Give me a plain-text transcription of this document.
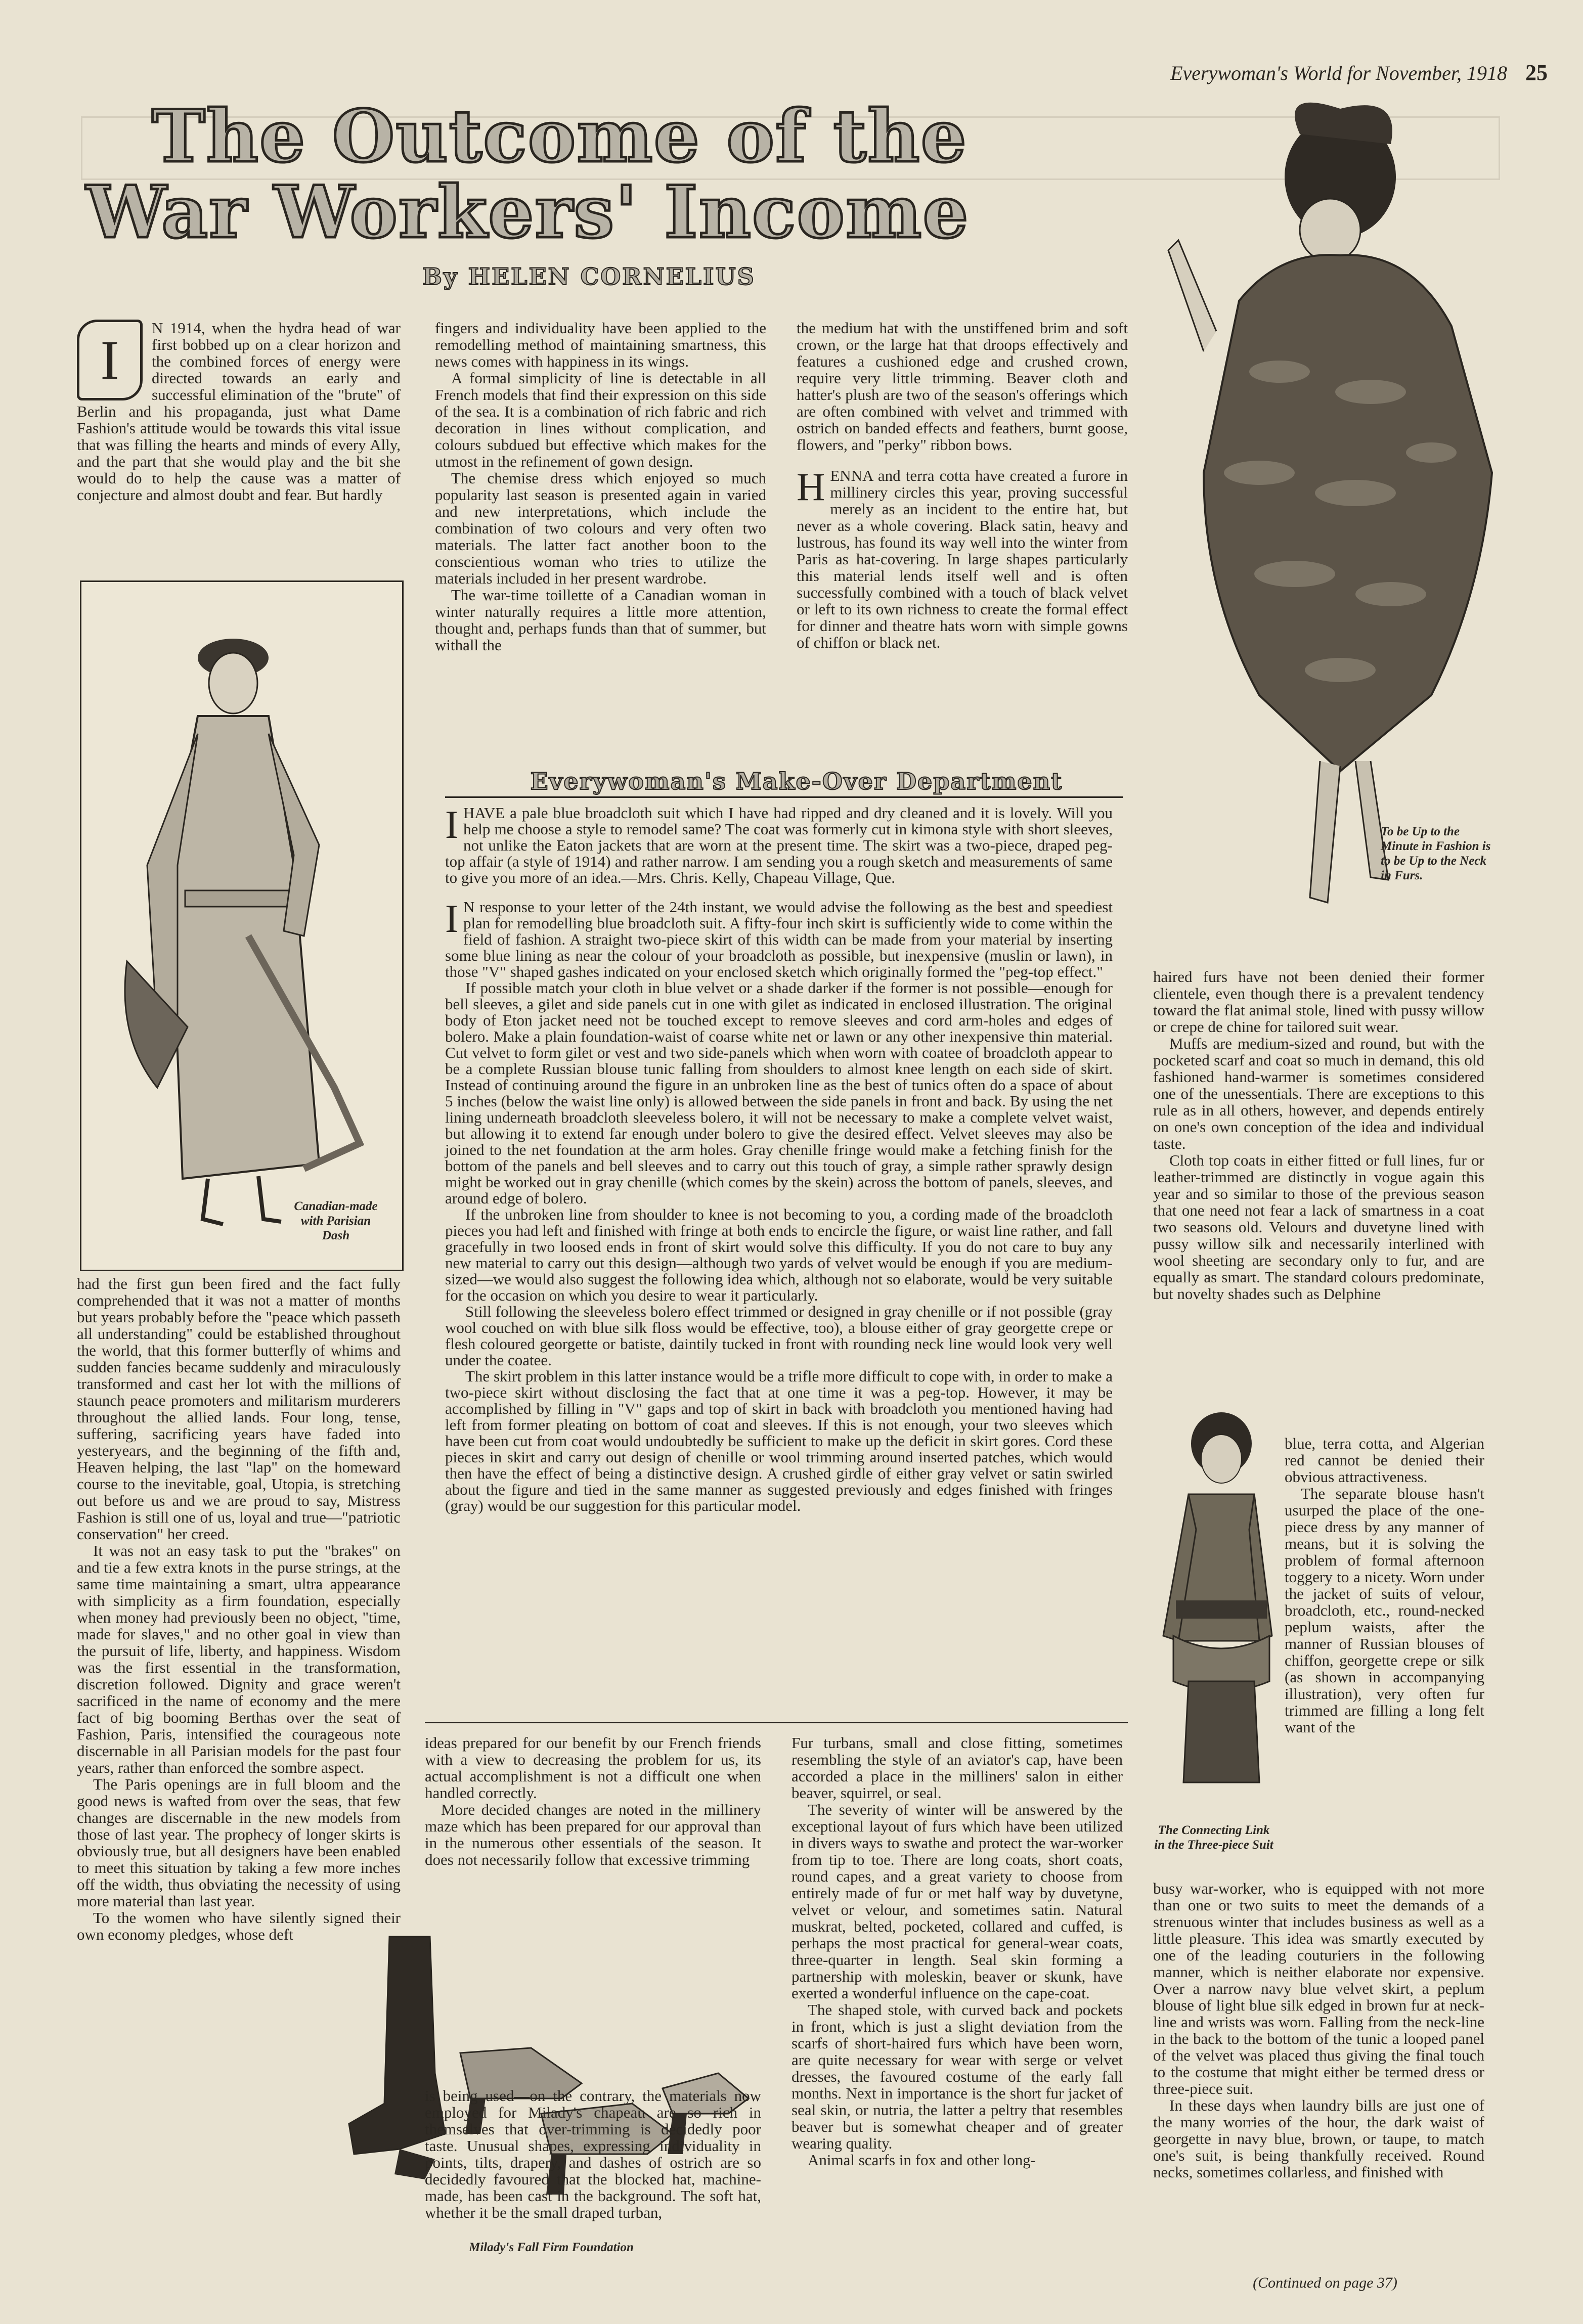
Everywoman's World for November, 1918 25
The Outcome of the
War Workers' Income
By HELEN CORNELIUS

I
N 1914, when the hydra head of war first bobbed up on a clear horizon and the combined forces of energy were directed towards an early and successful elimination of the "brute" of Berlin and his propaganda, just what Dame Fashion's attitude would be towards this vital issue that was filling the hearts and minds of every Ally, and the part that she would play and the bit she would do to help the cause was a matter of conjecture and almost doubt and fear. But hardly

Canadian-made with Parisian Dash

had the first gun been fired and the fact fully comprehended that it was not a matter of months but years probably before the "peace which passeth all understanding" could be established throughout the world, that this former butterfly of whims and sudden fancies became suddenly and miraculously transformed and cast her lot with the millions of staunch peace promoters and militarism murderers throughout the allied lands. Four long, tense, suffering, sacrificing years have faded into yesteryears, and the beginning of the fifth and, Heaven helping, the last "lap" on the homeward course to the inevitable, goal, Utopia, is stretching out before us and we are proud to say, Mistress Fashion is still one of us, loyal and true—"patriotic conservation" her creed.

It was not an easy task to put the "brakes" on and tie a few extra knots in the purse strings, at the same time maintaining a smart, ultra appearance with simplicity as a firm foundation, especially when money had previously been no object, "time, made for slaves," and no other goal in view than the pursuit of life, liberty, and happiness. Wisdom was the first essential in the transformation, discretion followed. Dignity and grace weren't sacrificed in the name of economy and the mere fact of big booming Berthas over the seat of Fashion, Paris, intensified the courageous note discernable in all Parisian models for the past four years, rather than enforced the sombre aspect.

The Paris openings are in full bloom and the good news is wafted from over the seas, that few changes are discernable in the new models from those of last year. The prophecy of longer skirts is obviously true, but all designers have been enabled to meet this situation by taking a few more inches off the width, thus obviating the necessity of using more material than last year.

To the women who have silently signed their own economy pledges, whose deft

fingers and individuality have been applied to the remodelling method of maintaining smartness, this news comes with happiness in its wings.

A formal simplicity of line is detectable in all French models that find their expression on this side of the sea. It is a combination of rich fabric and rich decoration in lines without complication, and colours subdued but effective which makes for the utmost in the refinement of gown design.

The chemise dress which enjoyed so much popularity last season is presented again in varied and new interpretations, which include the combination of two colours and very often two materials. The latter fact another boon to the conscientious woman who tries to utilize the materials included in her present wardrobe.

The war-time toillette of a Canadian woman in winter naturally requires a little more attention, thought and, perhaps funds than that of summer, but withall the

the medium hat with the unstiffened brim and soft crown, or the large hat that droops effectively and features a cushioned edge and crushed crown, require very little trimming. Beaver cloth and hatter's plush are two of the season's offerings which are often combined with velvet and trimmed with ostrich on banded effects and feathers, burnt goose, flowers, and "perky" ribbon bows.

HENNA and terra cotta have created a furore in millinery circles this year, proving successful merely as an incident to the entire hat, but never as a whole covering. Black satin, heavy and lustrous, has found its way well into the winter from Paris as hat-covering. In large shapes particularly this material lends itself well and is often successfully combined with a touch of black velvet or left to its own richness to create the formal effect for dinner and theatre hats worn with simple gowns of chiffon or black net.

To be Up to the Minute in Fashion is to be Up to the Neck in Furs.
Everywoman's Make-Over Department

IHAVE a pale blue broadcloth suit which I have had ripped and dry cleaned and it is lovely. Will you help me choose a style to remodel same? The coat was formerly cut in kimona style with short sleeves, not unlike the Eaton jackets that are worn at the present time. The skirt was a two-piece, draped peg-top affair (a style of 1914) and rather narrow. I am sending you a rough sketch and measurements of same to give you more of an idea.—Mrs. Chris. Kelly, Chapeau Village, Que.

I N response to your letter of the 24th instant, we would advise the following as the best and speediest plan for remodelling blue broadcloth suit. A fifty-four inch skirt is sufficiently wide to come within the field of fashion. A straight two-piece skirt of this width can be made from your material by inserting some blue lining as near the colour of your broadcloth as possible, but inexpensive (muslin or lawn), in those "V" shaped gashes indicated on your enclosed sketch which originally formed the "peg-top effect."

If possible match your cloth in blue velvet or a shade darker if the former is not possible—enough for bell sleeves, a gilet and side panels cut in one with gilet as indicated in enclosed illustration. The original body of Eton jacket need not be touched except to remove sleeves and cord arm-holes and edges of bolero. Make a plain foundation-waist of coarse white net or lawn or any other inexpensive thin material. Cut velvet to form gilet or vest and two side-panels which when worn with coatee of broadcloth appear to be a complete Russian blouse tunic falling from shoulders to almost knee length on each side of skirt. Instead of continuing around the figure in an unbroken line as the best of tunics often do a space of about 5 inches (below the waist line only) is allowed between the side panels in front and back. By using the net lining underneath broadcloth sleeveless bolero, it will not be necessary to make a complete velvet waist, but allowing it to extend far enough under bolero to give the desired effect. Velvet sleeves may also be joined to the net foundation at the arm holes. Gray chenille fringe would make a fetching finish for the bottom of the panels and bell sleeves and to carry out this touch of gray, a simple rather sprawly design might be worked out in gray chenille (which comes by the skein) across the bottom of panels, sleeves, and around edge of bolero.

If the unbroken line from shoulder to knee is not becoming to you, a cording made of the broadcloth pieces you had left and finished with fringe at both ends to encircle the figure, or waist line rather, and fall gracefully in two loosed ends in front of skirt would solve this difficulty. If you do not care to buy any new material to carry out this design—although two yards of velvet would be enough if you are medium-sized—we would also suggest the following idea which, although not so elaborate, would be very suitable for the occasion on which you desire to wear it particularly.

Still following the sleeveless bolero effect trimmed or designed in gray chenille or if not possible (gray wool couched on with blue silk floss would be effective, too), a blouse either of gray georgette crepe or flesh coloured georgette or batiste, daintily tucked in front with rounding neck line would look very well under the coatee.

The skirt problem in this latter instance would be a trifle more difficult to cope with, in order to make a two-piece skirt without disclosing the fact that at one time it was a peg-top. However, it may be accomplished by filling in "V" gaps and top of skirt in back with broadcloth you mentioned having had left from former pleating on bottom of coat and sleeves. If this is not enough, your two sleeves which have been cut from coat would undoubtedly be sufficient to make up the deficit in skirt gores. Cord these pieces in skirt and carry out design of chenille or wool trimming around inserted patches, which would then have the effect of being a distinctive design. A crushed girdle of either gray velvet or satin swirled about the figure and tied in the same manner as suggested previously and edges finished with fringes (gray) would be our suggestion for this particular model.

ideas prepared for our benefit by our French friends with a view to decreasing the problem for us, its actual accomplishment is not a difficult one when handled correctly.

More decided changes are noted in the millinery maze which has been prepared for our approval than in the numerous other essentials of the season. It does not necessarily follow that excessive trimming

Milady's Fall Firm Foundation

is being used—on the contrary, the materials now employed for Milady's chapeau are so rich in themselves that over-trimming is decidedly poor taste. Unusual shapes, expressing individuality in points, tilts, drapery, and dashes of ostrich are so decidedly favoured that the blocked hat, machine-made, has been cast in the background. The soft hat, whether it be the small draped turban,

Fur turbans, small and close fitting, sometimes resembling the style of an aviator's cap, have been accorded a place in the milliners' salon in either beaver, squirrel, or seal.

The severity of winter will be answered by the exceptional layout of furs which have been utilized in divers ways to swathe and protect the war-worker from tip to toe. There are long coats, short coats, round capes, and a great variety to choose from entirely made of fur or met half way by duvetyne, velvet or velour, and sometimes satin. Natural muskrat, belted, pocketed, collared and cuffed, is perhaps the most practical for general-wear coats, three-quarter in length. Seal skin forming a partnership with moleskin, beaver or skunk, have exerted a wonderful influence on the cape-coat.

The shaped stole, with curved back and pockets in front, which is just a slight deviation from the scarfs of short-haired furs which have been worn, are quite necessary for wear with serge or velvet dresses, the favoured costume of the early fall months. Next in importance is the short fur jacket of seal skin, or nutria, the latter a peltry that resembles beaver but is somewhat cheaper and of greater wearing quality.

Animal scarfs in fox and other long-

haired furs have not been denied their former clientele, even though there is a prevalent tendency toward the flat animal stole, lined with pussy willow or crepe de chine for tailored suit wear.

Muffs are medium-sized and round, but with the pocketed scarf and coat so much in demand, this old fashioned hand-warmer is sometimes considered one of the unessentials. There are exceptions to this rule as in all others, however, and depends entirely on one's own conception of the idea and individual taste.

Cloth top coats in either fitted or full lines, fur or leather-trimmed are distinctly in vogue again this year and so similar to those of the previous season that one need not fear a lack of smartness in a coat two seasons old. Velours and duvetyne lined with pussy willow silk and necessarily interlined with wool sheeting are secondary only to fur, and are equally as smart. The standard colours predominate, but novelty shades such as Delphine

The Connecting Link in the Three-piece Suit

blue, terra cotta, and Algerian red cannot be denied their obvious attractiveness.

The separate blouse hasn't usurped the place of the one-piece dress by any manner of means, but it is solving the problem of formal afternoon toggery to a nicety. Worn under the jacket of suits of velour, broadcloth, etc., round-necked peplum waists, after the manner of Russian blouses of chiffon, georgette crepe or silk (as shown in accompanying illustration), very often fur trimmed are filling a long felt want of the

busy war-worker, who is equipped with not more than one or two suits to meet the demands of a strenuous winter that includes business as well as a little pleasure. This idea was smartly executed by one of the leading couturiers in the following manner, which is neither elaborate nor expensive. Over a narrow navy blue velvet skirt, a peplum blouse of light blue silk edged in brown fur at neck-line and wrists was worn. Falling from the neck-line in the back to the bottom of the tunic a looped panel of the velvet was placed thus giving the final touch to the costume that might either be termed dress or three-piece suit.

In these days when laundry bills are just one of the many worries of the hour, the dark waist of georgette in navy blue, brown, or taupe, to match one's suit, is being thankfully received. Round necks, sometimes collarless, and finished with

(Continued on page 37)
